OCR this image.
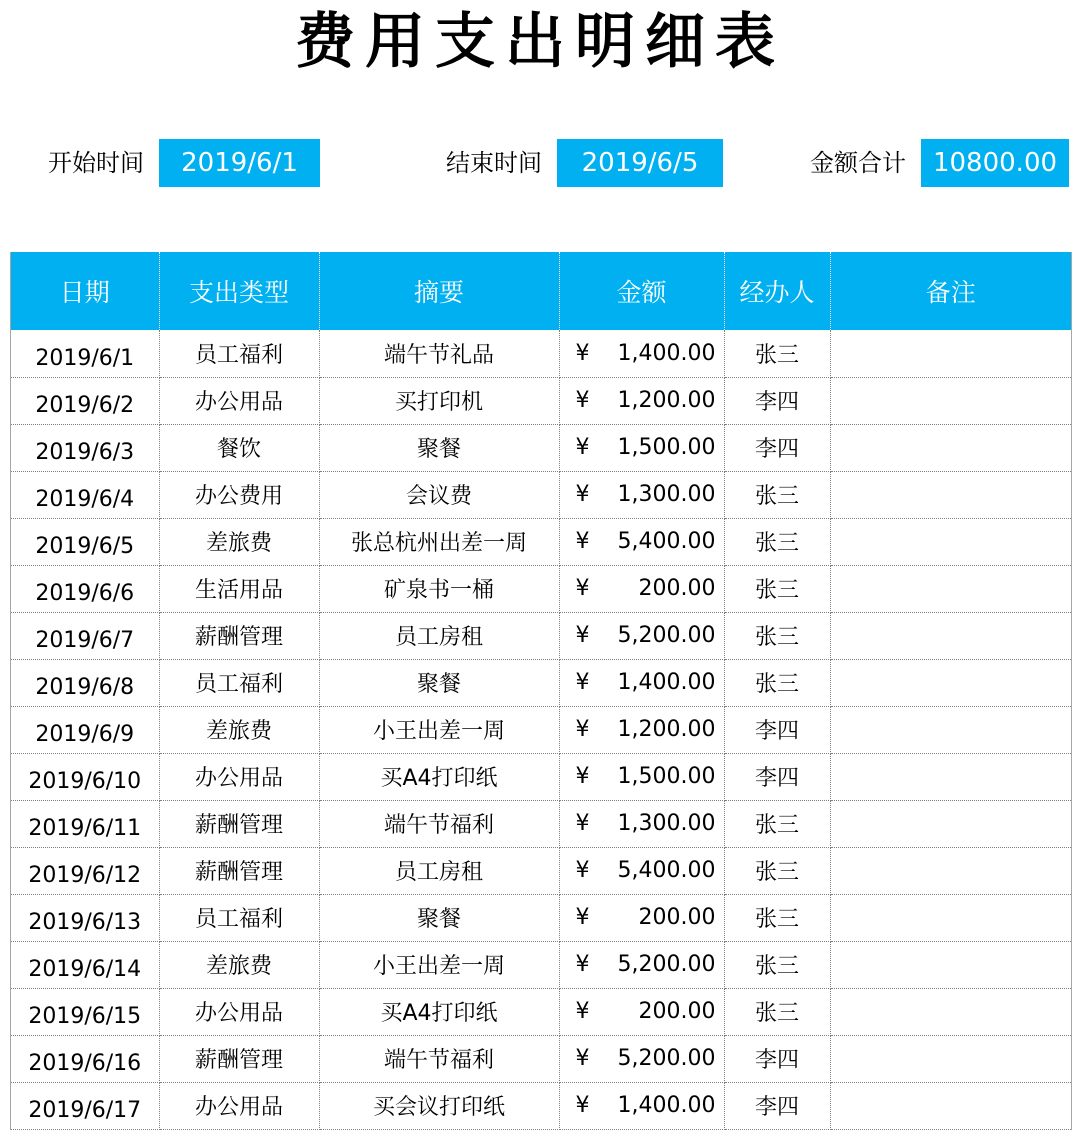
费用支出明细表
开始时间	2019/6/1	结束时间	2019/6/5	金额合计	10800.00
日期	支出类型	摘要	金额	经办人	备注
2019/6/1	员工福利	端午节礼品	¥ 1,400.00	张三	
2019/6/2	办公用品	买打印机	¥ 1,200.00	李四	
2019/6/3	餐饮	聚餐	¥ 1,500.00	李四	
2019/6/4	办公费用	会议费	¥ 1,300.00	张三	
2019/6/5	差旅费	张总杭州出差一周	¥ 5,400.00	张三	
2019/6/6	生活用品	矿泉书一桶	¥ 200.00	张三	
2019/6/7	薪酬管理	员工房租	¥ 5,200.00	张三	
2019/6/8	员工福利	聚餐	¥ 1,400.00	张三	
2019/6/9	差旅费	小王出差一周	¥ 1,200.00	李四	
2019/6/10	办公用品	买A4打印纸	¥ 1,500.00	李四	
2019/6/11	薪酬管理	端午节福利	¥ 1,300.00	张三	
2019/6/12	薪酬管理	员工房租	¥ 5,400.00	张三	
2019/6/13	员工福利	聚餐	¥ 200.00	张三	
2019/6/14	差旅费	小王出差一周	¥ 5,200.00	张三	
2019/6/15	办公用品	买A4打印纸	¥ 200.00	张三	
2019/6/16	薪酬管理	端午节福利	¥ 5,200.00	李四	
2019/6/17	办公用品	买会议打印纸	¥ 1,400.00	李四	
